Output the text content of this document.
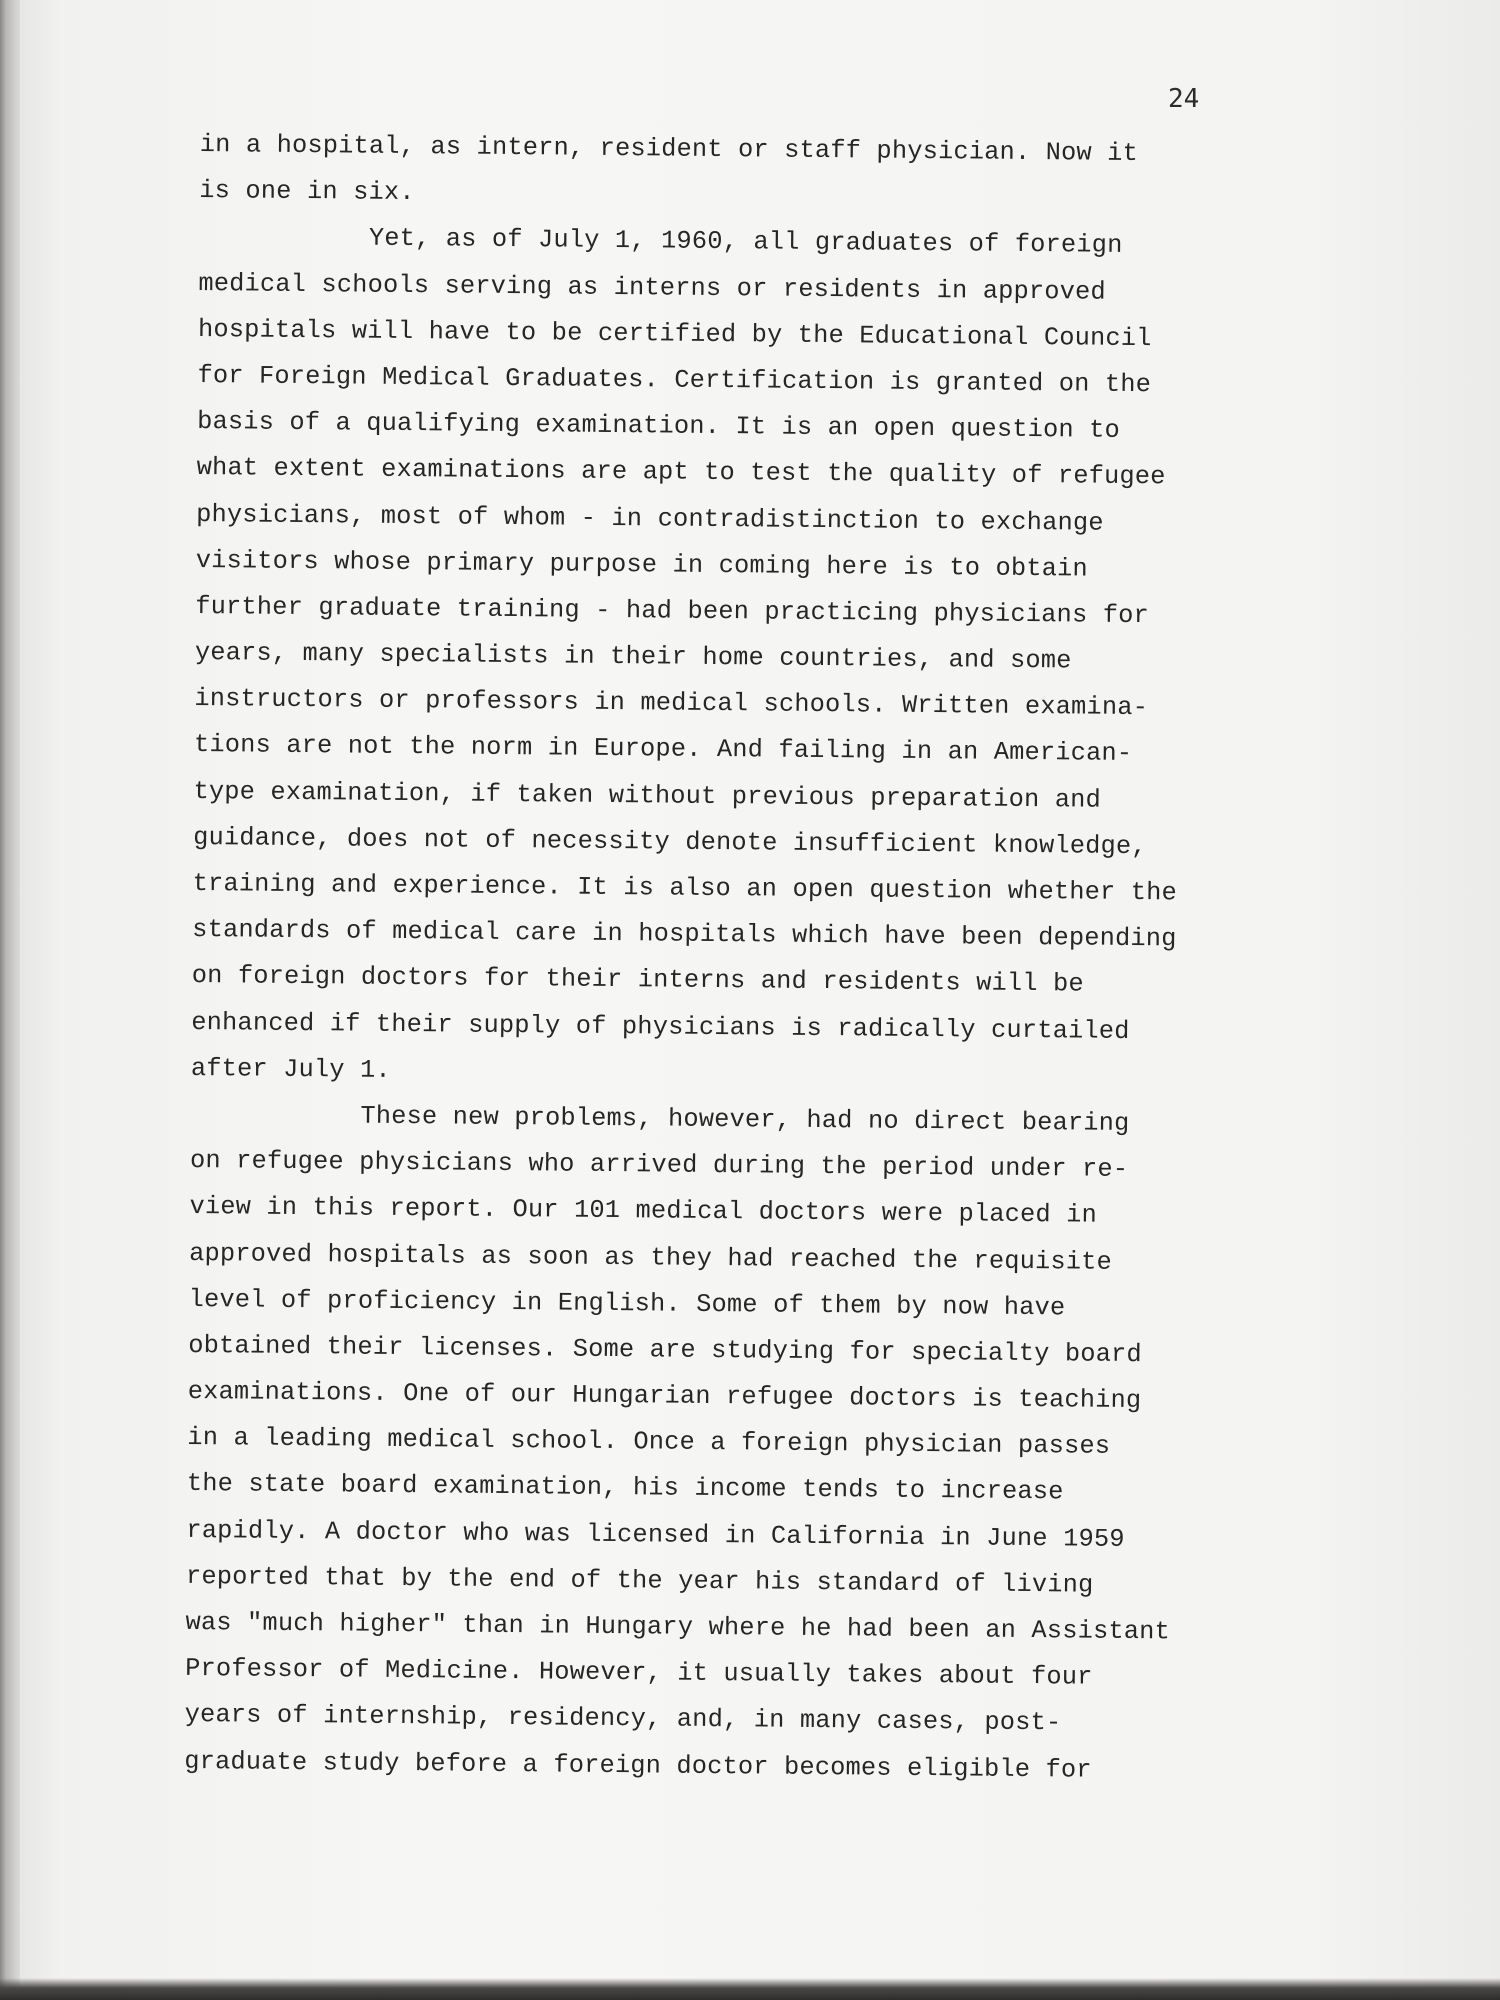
24
in a hospital, as intern, resident or staff physician. Now it
is one in six.
Yet, as of July 1, 1960, all graduates of foreign
medical schools serving as interns or residents in approved
hospitals will have to be certified by the Educational Council
for Foreign Medical Graduates. Certification is granted on the
basis of a qualifying examination. It is an open question to
what extent examinations are apt to test the quality of refugee
physicians, most of whom - in contradistinction to exchange
visitors whose primary purpose in coming here is to obtain
further graduate training - had been practicing physicians for
years, many specialists in their home countries, and some
instructors or professors in medical schools. Written examina-
tions are not the norm in Europe. And failing in an American-
type examination, if taken without previous preparation and
guidance, does not of necessity denote insufficient knowledge,
training and experience. It is also an open question whether the
standards of medical care in hospitals which have been depending
on foreign doctors for their interns and residents will be
enhanced if their supply of physicians is radically curtailed
after July 1.
These new problems, however, had no direct bearing
on refugee physicians who arrived during the period under re-
view in this report. Our 101 medical doctors were placed in
approved hospitals as soon as they had reached the requisite
level of proficiency in English. Some of them by now have
obtained their licenses. Some are studying for specialty board
examinations. One of our Hungarian refugee doctors is teaching
in a leading medical school. Once a foreign physician passes
the state board examination, his income tends to increase
rapidly. A doctor who was licensed in California in June 1959
reported that by the end of the year his standard of living
was "much higher" than in Hungary where he had been an Assistant
Professor of Medicine. However, it usually takes about four
years of internship, residency, and, in many cases, post-
graduate study before a foreign doctor becomes eligible for
